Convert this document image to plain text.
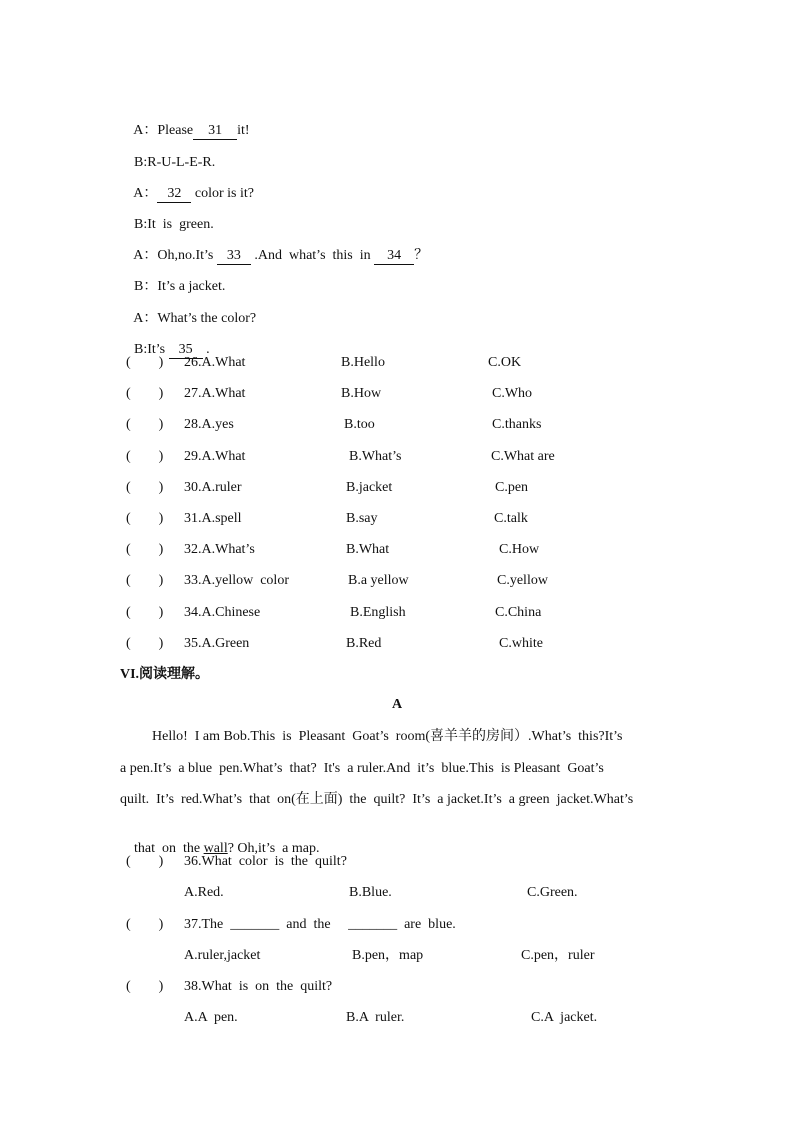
A：Please 31 it!

B:R-U-L-E-R.

A： 32 color is it?

B:It  is  green.

A：Oh,no.It’s 33 .And  what’s  this  in 34 ？

B：It’s a jacket.

A：What’s the color?

B:It’s 35 .

(        ) 26.A.What	B.Hello	C.OK
(        ) 27.A.What	B.How	C.Who
(        ) 28.A.yes	B.too	C.thanks
(        ) 29.A.What	B.What’s	C.What are
(        ) 30.A.ruler	B.jacket	C.pen
(        ) 31.A.spell	B.say	C.talk
(        ) 32.A.What’s	B.What	C.How
(        ) 33.A.yellow  color	B.a yellow	C.yellow
(        ) 34.A.Chinese	B.English	C.China
(        ) 35.A.Green	B.Red	C.white
VI.阅读理解。
A
Hello!  I am Bob.This  is  Pleasant  Goat’s  room(喜羊羊的房间）.What’s  this?It’s
a pen.It’s  a blue  pen.What’s  that?  It's  a ruler.And  it’s  blue.This  is Pleasant  Goat’s
quilt.  It’s  red.What’s  that  on(在上面)  the  quilt?  It’s  a jacket.It’s  a green  jacket.What’s

that  on  the wall? Oh,it’s  a map.

(        ) 36.What  color  is  the  quilt?
A.Red.	B.Blue.	C.Green.
(        ) 37.The  _______  and  the     _______  are  blue.
A.ruler,jacket	B.pen，map	C.pen，ruler
(        ) 38.What  is  on  the  quilt?
A.A  pen.	B.A  ruler.	C.A  jacket.
